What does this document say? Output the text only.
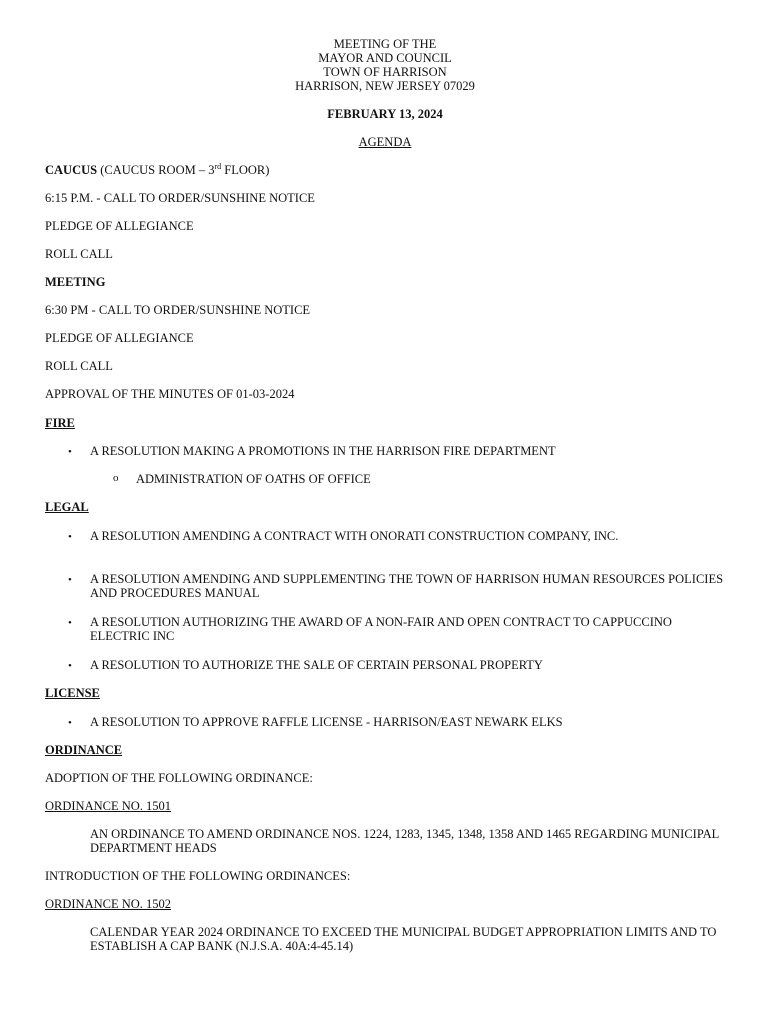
MEETING OF THE
MAYOR AND COUNCIL
TOWN OF HARRISON
HARRISON, NEW JERSEY 07029
FEBRUARY 13, 2024
AGENDA
CAUCUS (CAUCUS ROOM – 3rd FLOOR)
6:15 P.M. - CALL TO ORDER/SUNSHINE NOTICE
PLEDGE OF ALLEGIANCE
ROLL CALL
MEETING
6:30 PM - CALL TO ORDER/SUNSHINE NOTICE
PLEDGE OF ALLEGIANCE
ROLL CALL
APPROVAL OF THE MINUTES OF 01-03-2024
FIRE
• A RESOLUTION MAKING A PROMOTIONS IN THE HARRISON FIRE DEPARTMENT
o ADMINISTRATION OF OATHS OF OFFICE
LEGAL
• A RESOLUTION AMENDING A CONTRACT WITH ONORATI CONSTRUCTION COMPANY, INC.
• A RESOLUTION AMENDING AND SUPPLEMENTING THE TOWN OF HARRISON HUMAN RESOURCES POLICIES AND PROCEDURES MANUAL
• A RESOLUTION AUTHORIZING THE AWARD OF A NON-FAIR AND OPEN CONTRACT TO CAPPUCCINO ELECTRIC INC
• A RESOLUTION TO AUTHORIZE THE SALE OF CERTAIN PERSONAL PROPERTY
LICENSE
• A RESOLUTION TO APPROVE RAFFLE LICENSE - HARRISON/EAST NEWARK ELKS
ORDINANCE
ADOPTION OF THE FOLLOWING ORDINANCE:
ORDINANCE NO. 1501
AN ORDINANCE TO AMEND ORDINANCE NOS. 1224, 1283, 1345, 1348, 1358 AND 1465 REGARDING MUNICIPAL DEPARTMENT HEADS
INTRODUCTION OF THE FOLLOWING ORDINANCES:
ORDINANCE NO. 1502
CALENDAR YEAR 2024 ORDINANCE TO EXCEED THE MUNICIPAL BUDGET APPROPRIATION LIMITS AND TO ESTABLISH A CAP BANK (N.J.S.A. 40A:4-45.14)
